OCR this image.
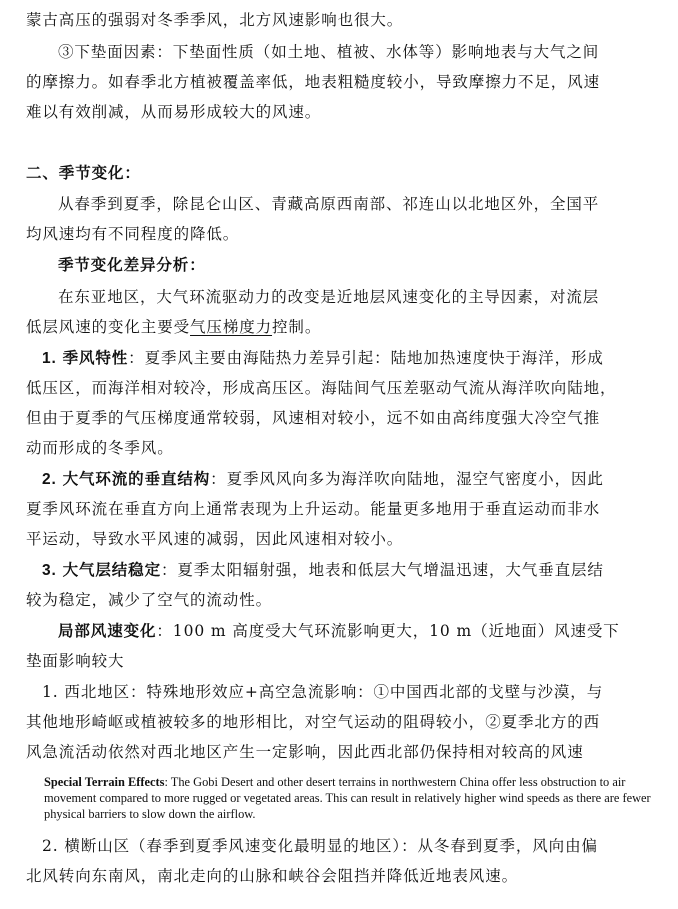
蒙古高压的强弱对冬季季风，北方风速影响也很大。
③下垫面因素：下垫面性质（如土地、植被、水体等）影响地表与大气之间
的摩擦力。如春季北方植被覆盖率低，地表粗糙度较小，导致摩擦力不足，风速
难以有效削减，从而易形成较大的风速。
二、季节变化：
从春季到夏季，除昆仑山区、青藏高原西南部、祁连山以北地区外，全国平
均风速均有不同程度的降低。
季节变化差异分析：
在东亚地区，大气环流驱动力的改变是近地层风速变化的主导因素，对流层
低层风速的变化主要受气压梯度力控制。
1. 季风特性：夏季风主要由海陆热力差异引起：陆地加热速度快于海洋，形成
低压区，而海洋相对较冷，形成高压区。海陆间气压差驱动气流从海洋吹向陆地，
但由于夏季的气压梯度通常较弱，风速相对较小，远不如由高纬度强大冷空气推
动而形成的冬季风。
2. 大气环流的垂直结构：夏季风风向多为海洋吹向陆地，湿空气密度小，因此
夏季风环流在垂直方向上通常表现为上升运动。能量更多地用于垂直运动而非水
平运动，导致水平风速的减弱，因此风速相对较小。
3. 大气层结稳定：夏季太阳辐射强，地表和低层大气增温迅速，大气垂直层结
较为稳定，减少了空气的流动性。
局部风速变化：100 m 高度受大气环流影响更大，10 m（近地面）风速受下
垫面影响较大
1. 西北地区：特殊地形效应+高空急流影响：①中国西北部的戈壁与沙漠，与
其他地形崎岖或植被较多的地形相比，对空气运动的阻碍较小，②夏季北方的西
风急流活动依然对西北地区产生一定影响，因此西北部仍保持相对较高的风速
Special Terrain Effects: The Gobi Desert and other desert terrains in northwestern China offer less obstruction to air movement compared to more rugged or vegetated areas. This can result in relatively higher wind speeds as there are fewer physical barriers to slow down the airflow.
2. 横断山区（春季到夏季风速变化最明显的地区）：从冬春到夏季，风向由偏
北风转向东南风，南北走向的山脉和峡谷会阻挡并降低近地表风速。
